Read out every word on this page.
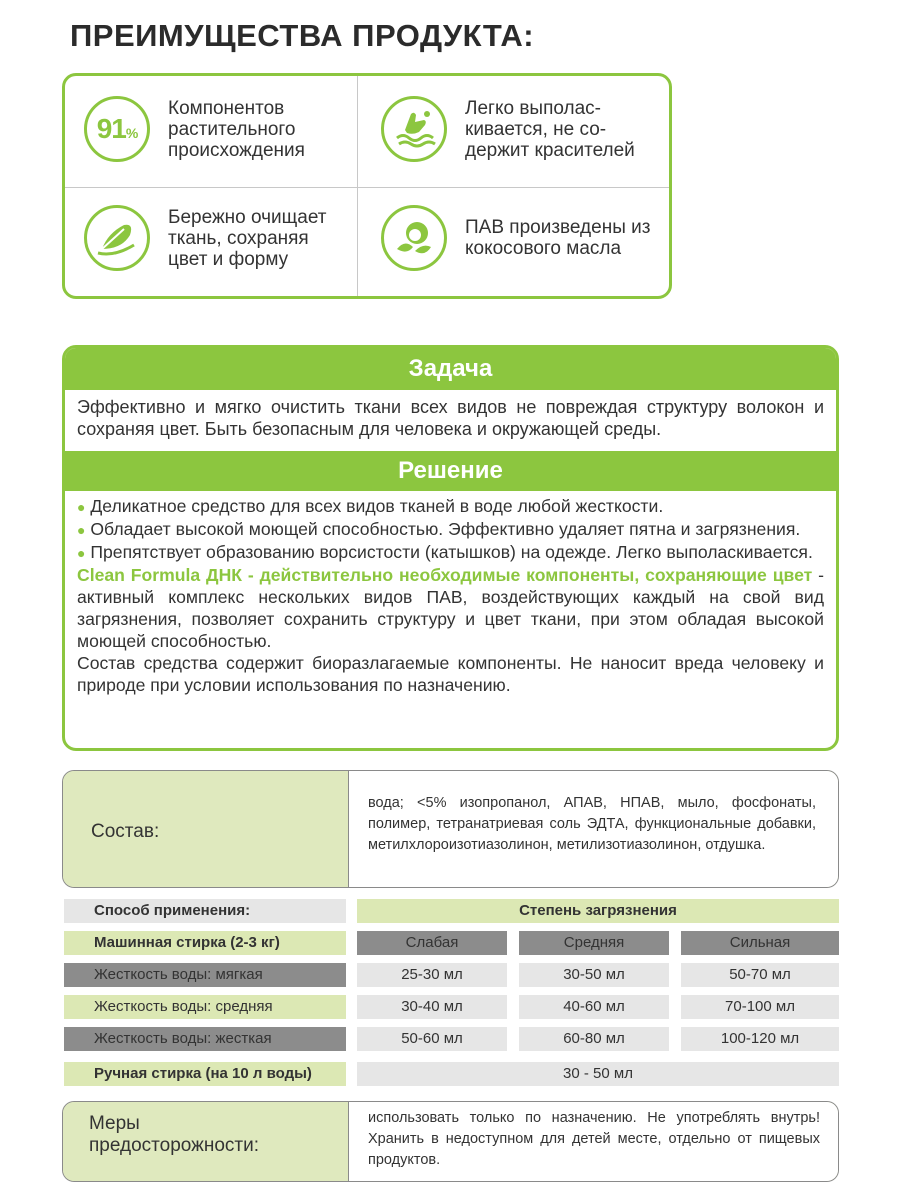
ПРЕИМУЩЕСТВА ПРОДУКТА:
91%
Компонентов растительного происхождения
Легко выполас-кивается, не со-держит красителей
Бережно очищает ткань, сохраняя цвет и форму
ПАВ произведены из кокосового масла
Задача
Эффективно и мягко очистить ткани всех видов не повреждая структуру волокон и сохраняя цвет. Быть безопасным для человека и окружающей среды.
Решение

● Деликатное средство для всех видов тканей в воде любой жесткости.

● Обладает высокой моющей способностью. Эффективно удаляет пятна и загрязнения.

● Препятствует образованию ворсистости (катышков) на одежде. Легко выполаскивается.

Clean Formula ДНК - действительно необходимые компоненты, сохраняющие цвет - активный комплекс нескольких видов ПАВ, воздействующих каждый на свой вид загрязнения, позволяет сохранить структуру и цвет ткани, при этом обладая высокой моющей способностью.

Состав средства содержит биоразлагаемые компоненты. Не наносит вреда человеку и природе при условии использования по назначению.

Состав:
вода; <5% изопропанол, АПАВ, НПАВ, мыло, фосфонаты, полимер, тетранатриевая соль ЭДТА, функциональные добавки, метилхлороизотиазолинон, метилизотиазолинон, отдушка.
Способ применения:	Степень загрязнения
Машинная стирка (2-3 кг)	Слабая	Средняя	Сильная
Жесткость воды: мягкая	25-30 мл	30-50 мл	50-70 мл
Жесткость воды: средняя	30-40 мл	40-60 мл	70-100 мл
Жесткость воды: жесткая	50-60 мл	60-80 мл	100-120 мл
Ручная стирка (на 10 л воды)	30 - 50 мл
Меры предосторожности:
использовать только по назначению. Не употреблять внутрь! Хранить в недоступном для детей месте, отдельно от пищевых продуктов.
